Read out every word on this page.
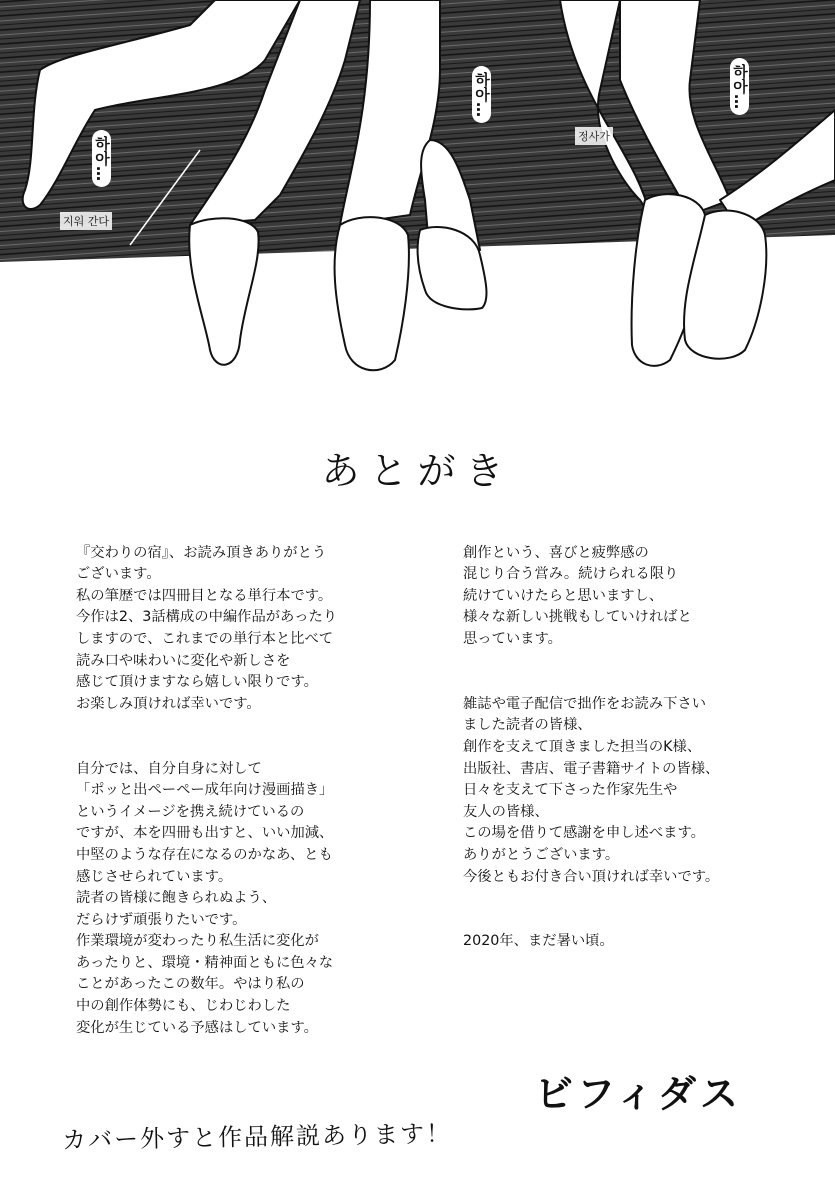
하아…
지워 간다
하아…
정사가
하아…
あとがき

『交わりの宿』、お読み頂きありがとう
ございます。
私の筆歴では四冊目となる単行本です。
今作は2、3話構成の中編作品があったり
しますので、これまでの単行本と比べて
読み口や味わいに変化や新しさを
感じて頂けますなら嬉しい限りです。
お楽しみ頂ければ幸いです。

自分では、自分自身に対して
「ポッと出ペーペー成年向け漫画描き」
というイメージを携え続けているの
ですが、本を四冊も出すと、いい加減、
中堅のような存在になるのかなあ、とも
感じさせられています。
読者の皆様に飽きられぬよう、
だらけず頑張りたいです。
作業環境が変わったり私生活に変化が
あったりと、環境・精神面ともに色々な
ことがあったこの数年。やはり私の
中の創作体勢にも、じわじわした
変化が生じている予感はしています。

創作という、喜びと疲弊感の
混じり合う営み。続けられる限り
続けていけたらと思いますし、
様々な新しい挑戦もしていければと
思っています。

雑誌や電子配信で拙作をお読み下さい
ました読者の皆様、
創作を支えて頂きました担当のK様、
出版社、書店、電子書籍サイトの皆様、
日々を支えて下さった作家先生や
友人の皆様、
この場を借りて感謝を申し述べます。
ありがとうございます。
今後ともお付き合い頂ければ幸いです。

2020年、まだ暑い頃。

ビフィダス
カバー外すと作品解説あります！
